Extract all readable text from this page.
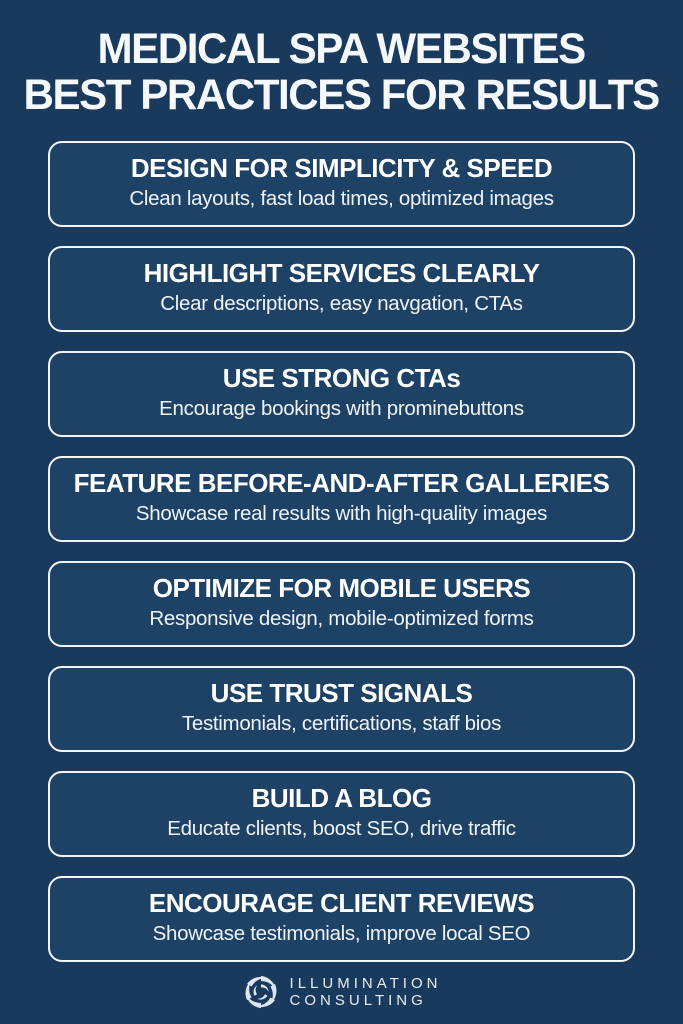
MEDICAL SPA WEBSITES
BEST PRACTICES FOR RESULTS
DESIGN FOR SIMPLICITY & SPEED
Clean layouts, fast load times, optimized images
HIGHLIGHT SERVICES CLEARLY
Clear descriptions, easy navgation, CTAs
USE STRONG CTAs
Encourage bookings with prominebuttons
FEATURE BEFORE-AND-AFTER GALLERIES
Showcase real results with high-quality images
OPTIMIZE FOR MOBILE USERS
Responsive design, mobile-optimized forms
USE TRUST SIGNALS
Testimonials, certifications, staff bios
BUILD A BLOG
Educate clients, boost SEO, drive traffic
ENCOURAGE CLIENT REVIEWS
Showcase testimonials, improve local SEO
ILLUMINATION
CONSULTING
